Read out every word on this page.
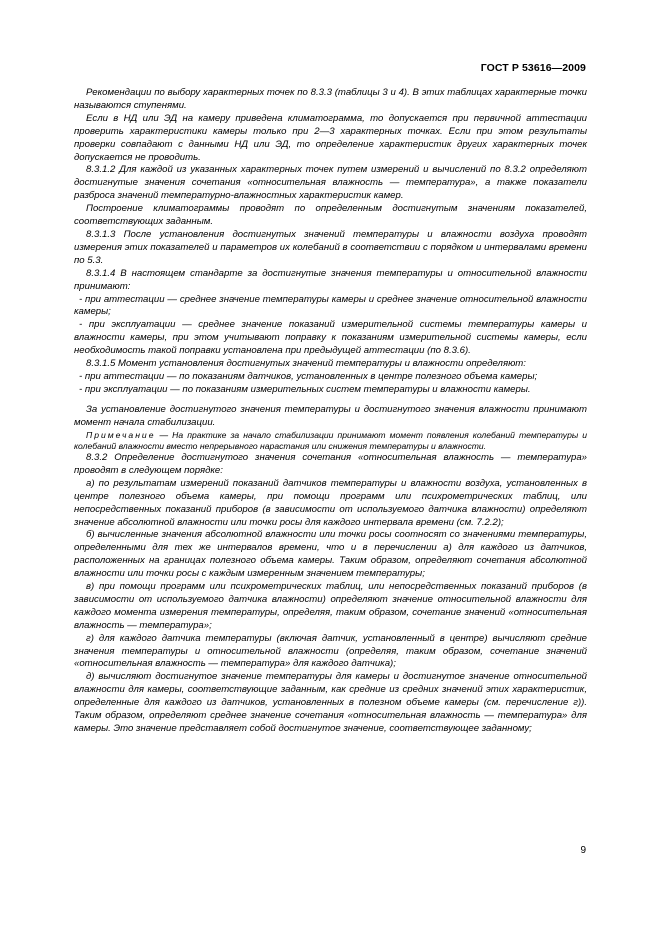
ГОСТ Р 53616—2009

Рекомендации по выбору характерных точек по 8.3.3 (таблицы 3 и 4). В этих таблицах характерные точки называются ступенями.

Если в НД или ЭД на камеру приведена климатограмма, то допускается при первичной аттестации проверить характеристики камеры только при 2—3 характерных точках. Если при этом результаты проверки совпадают с данными НД или ЭД, то определение характеристик других характерных точек допускается не проводить.

8.3.1.2 Для каждой из указанных характерных точек путем измерений и вычислений по 8.3.2 определяют достигнутые значения сочетания «относительная влажность — температура», а также показатели разброса значений температурно-влажностных характеристик камер.

Построение климатограммы проводят по определенным достигнутым значениям показателей, соответствующих заданным.

8.3.1.3 После установления достигнутых значений температуры и влажности воздуха проводят измерения этих показателей и параметров их колебаний в соответствии с порядком и интервалами времени по 5.3.

8.3.1.4 В настоящем стандарте за достигнутые значения температуры и относительной влажности принимают:

- при аттестации — среднее значение температуры камеры и среднее значение относительной влажности камеры;

- при эксплуатации — среднее значение показаний измерительной системы температуры камеры и влажности камеры, при этом учитывают поправку к показаниям измерительной системы камеры, если необходимость такой поправки установлена при предыдущей аттестации (по 8.3.6).

8.3.1.5 Момент установления достигнутых значений температуры и влажности определяют:

- при аттестации — по показаниям датчиков, установленных в центре полезного объема камеры;

- при эксплуатации — по показаниям измерительных систем температуры и влажности камеры.

За установление достигнутого значения температуры и достигнутого значения влажности принимают момент начала стабилизации.

Примечание — На практике за начало стабилизации принимают момент появления колебаний температуры и колебаний влажности вместо непрерывного нарастания или снижения температуры и влажности.

8.3.2 Определение достигнутого значения сочетания «относительная влажность — температура» проводят в следующем порядке:

а) по результатам измерений показаний датчиков температуры и влажности воздуха, установленных в центре полезного объема камеры, при помощи программ или психрометрических таблиц, или непосредственных показаний приборов (в зависимости от используемого датчика влажности) определяют значение абсолютной влажности или точки росы для каждого интервала времени (см. 7.2.2);

б) вычисленные значения абсолютной влажности или точки росы соотносят со значениями температуры, определенными для тех же интервалов времени, что и в перечислении а) для каждого из датчиков, расположенных на границах полезного объема камеры. Таким образом, определяют сочетания абсолютной влажности или точки росы с каждым измеренным значением температуры;

в) при помощи программ или психрометрических таблиц, или непосредственных показаний приборов (в зависимости от используемого датчика влажности) определяют значение относительной влажности для каждого момента измерения температуры, определяя, таким образом, сочетание значений «относительная влажность — температура»;

г) для каждого датчика температуры (включая датчик, установленный в центре) вычисляют средние значения температуры и относительной влажности (определяя, таким образом, сочетание значений «относительная влажность — температура» для каждого датчика);

д) вычисляют достигнутое значение температуры для камеры и достигнутое значение относительной влажности для камеры, соответствующие заданным, как средние из средних значений этих характеристик, определенные для каждого из датчиков, установленных в полезном объеме камеры (см. перечисление г)). Таким образом, определяют среднее значение сочетания «относительная влажность — температура» для камеры. Это значение представляет собой достигнутое значение, соответствующее заданному;

9
